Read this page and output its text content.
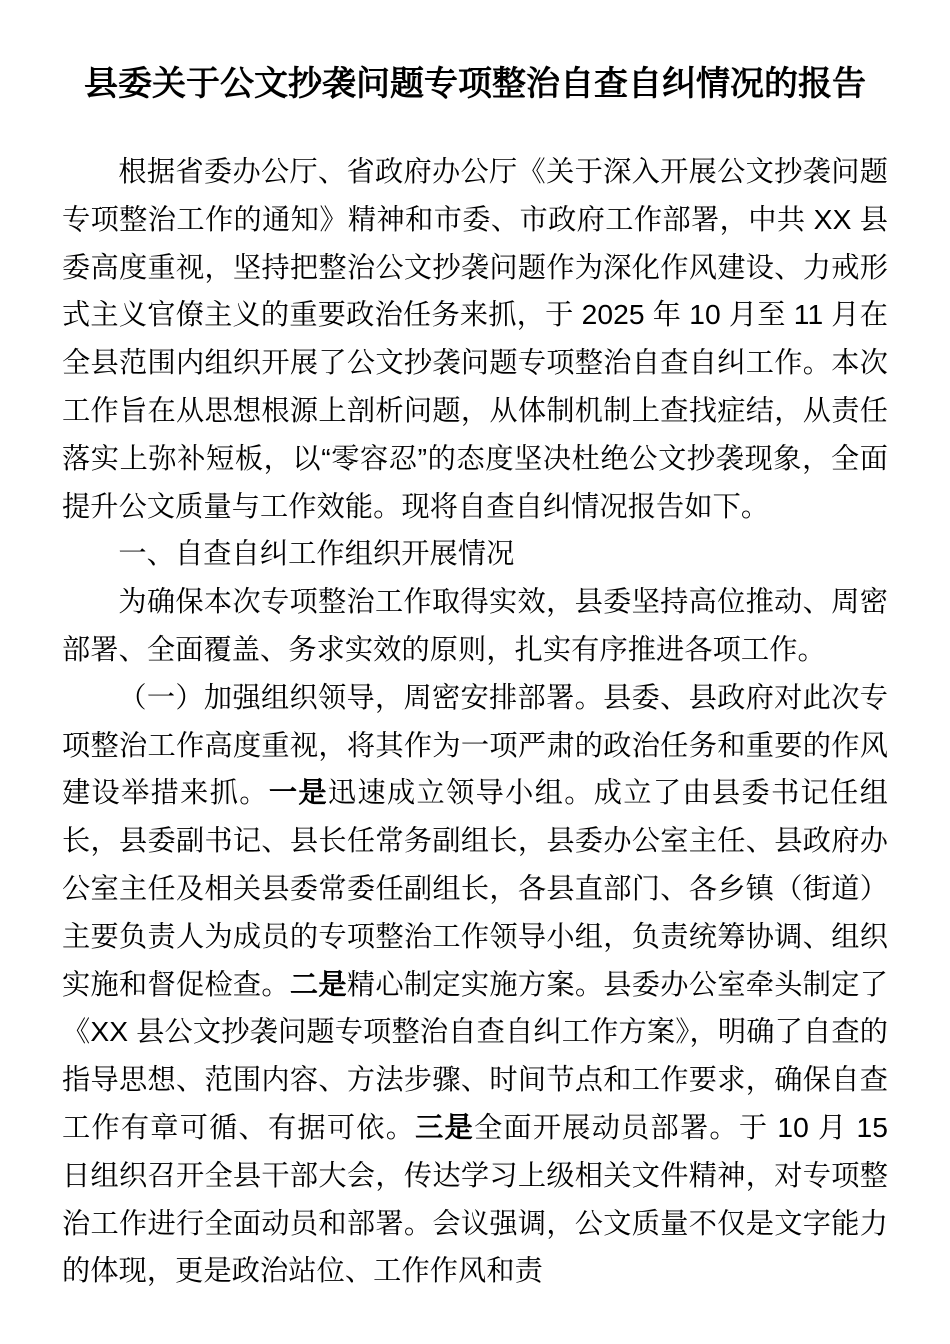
县委关于公文抄袭问题专项整治自查自纠情况的报告

根据省委办公厅、省政府办公厅《关于深入开展公文抄袭问题专项整治工作的通知》精神和市委、市政府工作部署，中共 XX 县委高度重视，坚持把整治公文抄袭问题作为深化作风建设、力戒形式主义官僚主义的重要政治任务来抓，于 2025 年 10 月至 11 月在全县范围内组织开展了公文抄袭问题专项整治自查自纠工作。本次工作旨在从思想根源上剖析问题，从体制机制上查找症结，从责任落实上弥补短板，以“零容忍”的态度坚决杜绝公文抄袭现象，全面提升公文质量与工作效能。现将自查自纠情况报告如下。

一、自查自纠工作组织开展情况

为确保本次专项整治工作取得实效，县委坚持高位推动、周密部署、全面覆盖、务求实效的原则，扎实有序推进各项工作。

（一）加强组织领导，周密安排部署。县委、县政府对此次专项整治工作高度重视，将其作为一项严肃的政治任务和重要的作风建设举措来抓。一是迅速成立领导小组。成立了由县委书记任组长，县委副书记、县长任常务副组长，县委办公室主任、县政府办公室主任及相关县委常委任副组长，各县直部门、各乡镇（街道）主要负责人为成员的专项整治工作领导小组，负责统筹协调、组织实施和督促检查。二是精心制定实施方案。县委办公室牵头制定了《XX 县公文抄袭问题专项整治自查自纠工作方案》，明确了自查的指导思想、范围内容、方法步骤、时间节点和工作要求，确保自查工作有章可循、有据可依。三是全面开展动员部署。于 10 月 15 日组织召开全县干部大会，传达学习上级相关文件精神，对专项整治工作进行全面动员和部署。会议强调，公文质量不仅是文字能力的体现，更是政治站位、工作作风和责
